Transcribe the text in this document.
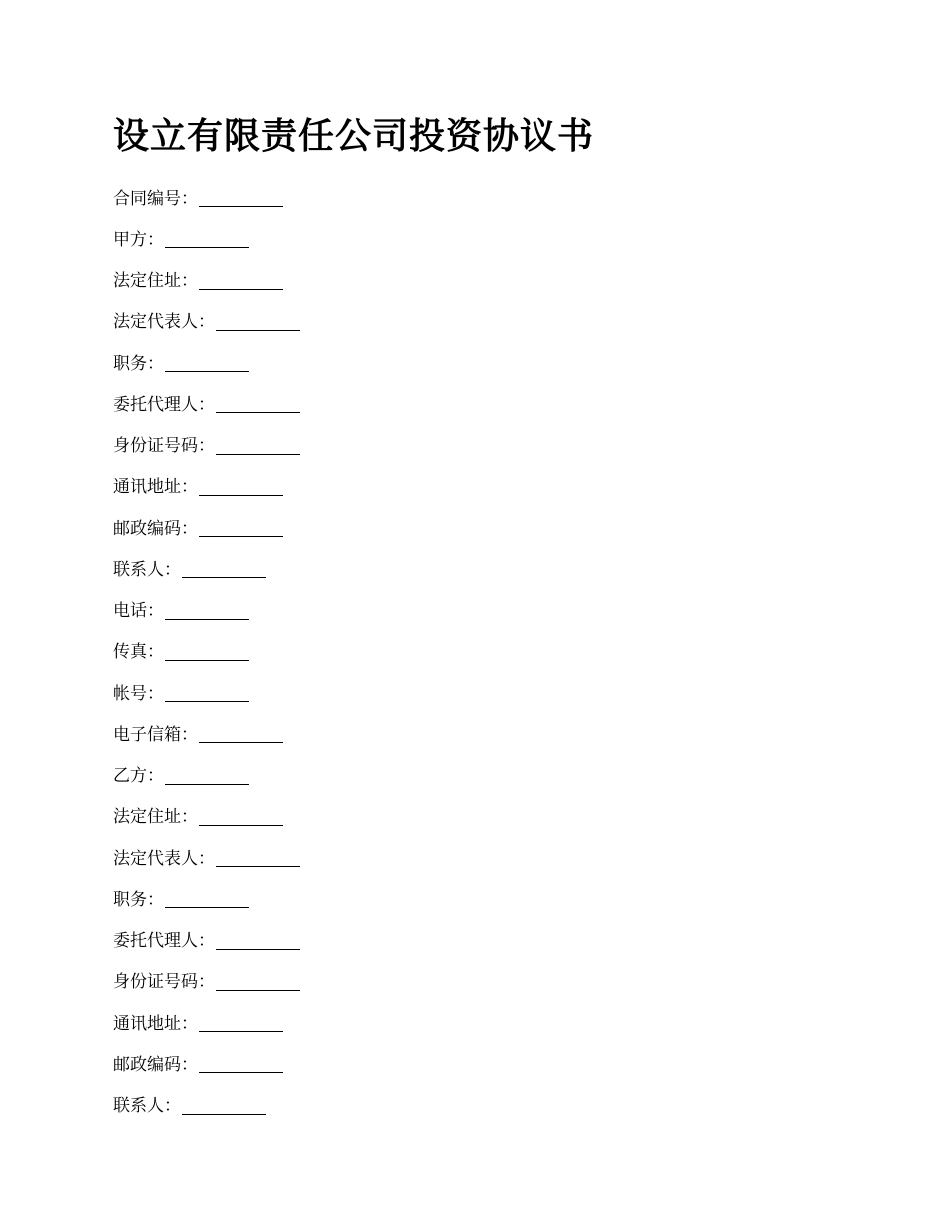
设立有限责任公司投资协议书
合同编号 ：
甲方 ：
法定住址 ：
法定代表人 ：
职务 ：
委托代理人 ：
身份证号码 ：
通讯地址 ：
邮政编码 ：
联系人 ：
电话 ：
传真 ：
帐号 ：
电子信箱 ：
乙方 ：
法定住址 ：
法定代表人 ：
职务 ：
委托代理人 ：
身份证号码 ：
通讯地址 ：
邮政编码 ：
联系人 ：
